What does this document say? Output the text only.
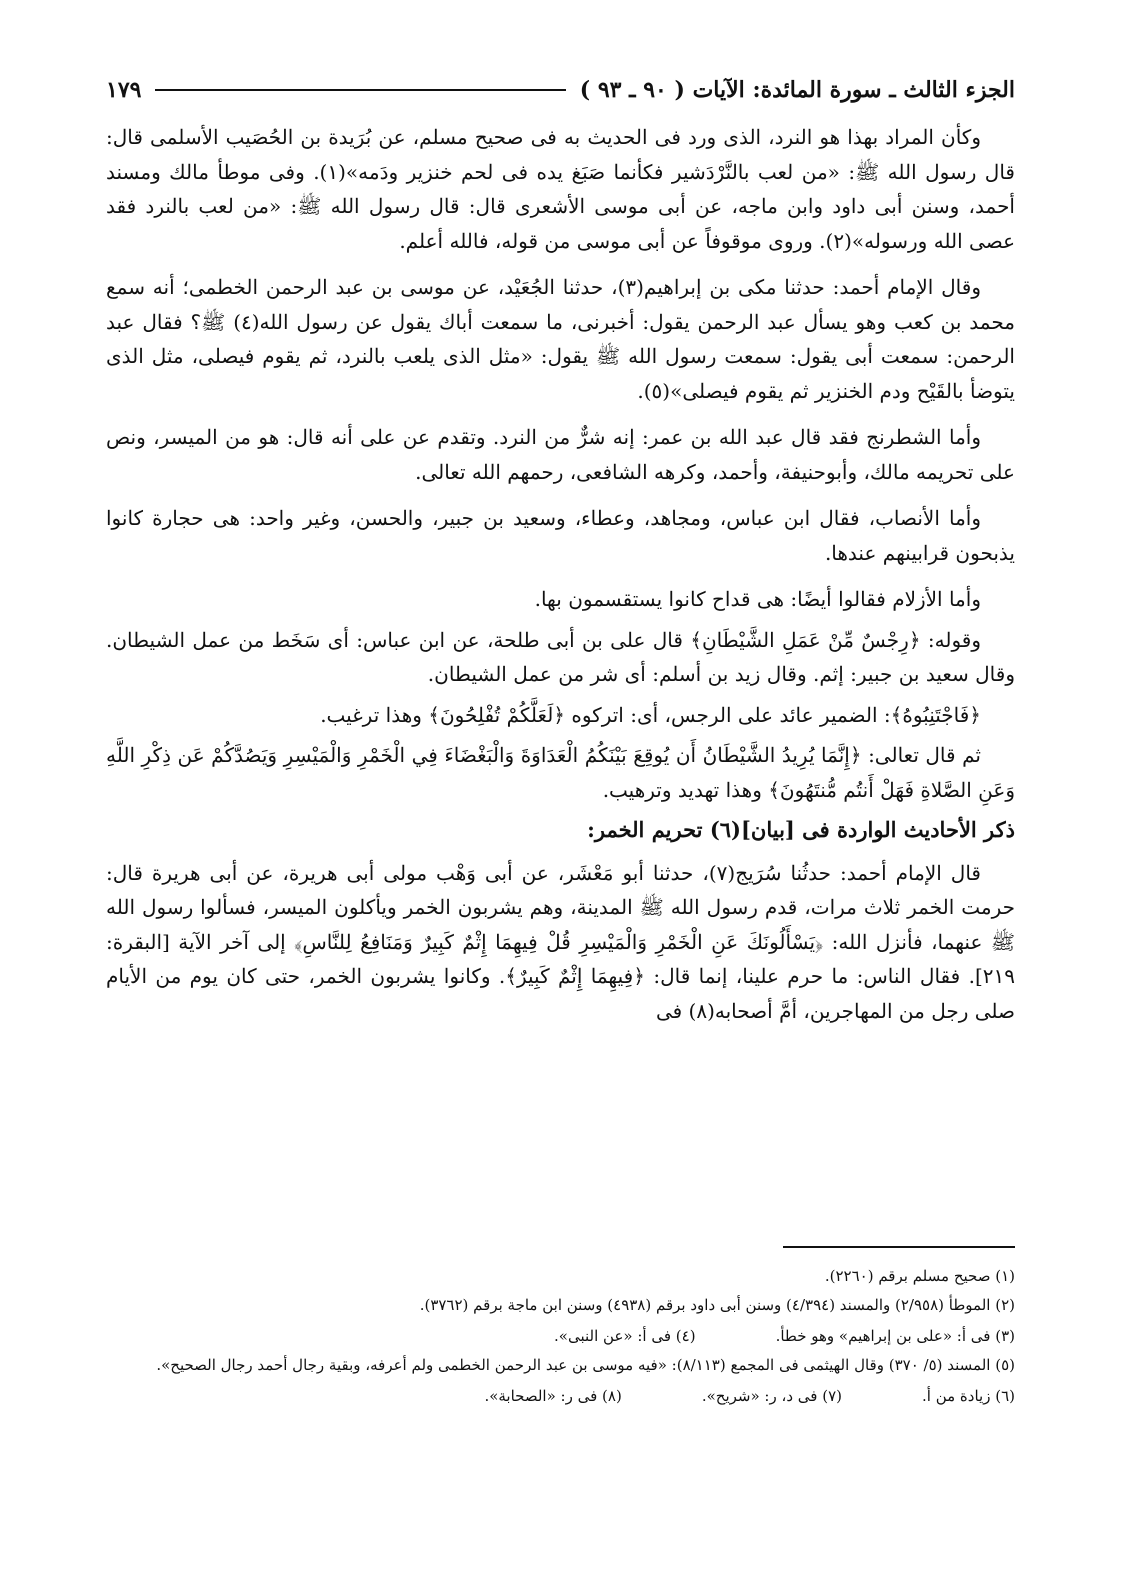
الجزء الثالث ـ سورة المائدة: الآيات ( ٩٠ ـ ٩٣ )
١٧٩

وكأن المراد بهذا هو النرد، الذى ورد فى الحديث به فى صحيح مسلم، عن بُرَيدة بن الحُصَيب الأسلمى قال: قال رسول الله ﷺ: «من لعب بالنَّرْدَشير فكأنما صَبَغ يده فى لحم خنزير ودَمه»(١). وفى موطأ مالك ومسند أحمد، وسنن أبى داود وابن ماجه، عن أبى موسى الأشعرى قال: قال رسول الله ﷺ: «من لعب بالنرد فقد عصى الله ورسوله»(٢). وروى موقوفاً عن أبى موسى من قوله، فالله أعلم.

وقال الإمام أحمد: حدثنا مكى بن إبراهيم(٣)، حدثنا الجُعَيْد، عن موسى بن عبد الرحمن الخطمى؛ أنه سمع محمد بن كعب وهو يسأل عبد الرحمن يقول: أخبرنى، ما سمعت أباك يقول عن رسول الله(٤) ﷺ؟ فقال عبد الرحمن: سمعت أبى يقول: سمعت رسول الله ﷺ يقول: «مثل الذى يلعب بالنرد، ثم يقوم فيصلى، مثل الذى يتوضأ بالقَيْح ودم الخنزير ثم يقوم فيصلى»(٥).

وأما الشطرنج فقد قال عبد الله بن عمر: إنه شرٌّ من النرد. وتقدم عن على أنه قال: هو من الميسر، ونص على تحريمه مالك، وأبوحنيفة، وأحمد، وكرهه الشافعى، رحمهم الله تعالى.

وأما الأنصاب، فقال ابن عباس، ومجاهد، وعطاء، وسعيد بن جبير، والحسن، وغير واحد: هى حجارة كانوا يذبحون قرابينهم عندها.

وأما الأزلام فقالوا أيضًا: هى قداح كانوا يستقسمون بها.

وقوله: ﴿رِجْسٌ مِّنْ عَمَلِ الشَّيْطَانِ﴾ قال على بن أبى طلحة، عن ابن عباس: أى سَخَط من عمل الشيطان. وقال سعيد بن جبير: إثم. وقال زيد بن أسلم: أى شر من عمل الشيطان.

﴿فَاجْتَنِبُوهُ﴾: الضمير عائد على الرجس، أى: اتركوه ﴿لَعَلَّكُمْ تُفْلِحُونَ﴾ وهذا ترغيب.

ثم قال تعالى: ﴿إِنَّمَا يُرِيدُ الشَّيْطَانُ أَن يُوقِعَ بَيْنَكُمُ الْعَدَاوَةَ وَالْبَغْضَاءَ فِي الْخَمْرِ وَالْمَيْسِرِ وَيَصُدَّكُمْ عَن ذِكْرِ اللَّهِ وَعَنِ الصَّلاةِ فَهَلْ أَنتُم مُّنتَهُونَ﴾ وهذا تهديد وترهيب.

ذكر الأحاديث الواردة فى [بيان](٦) تحريم الخمر:

قال الإمام أحمد: حدثُنا سُرَيج(٧)، حدثنا أبو مَعْشَر، عن أبى وَهْب مولى أبى هريرة، عن أبى هريرة قال: حرمت الخمر ثلاث مرات، قدم رسول الله ﷺ المدينة، وهم يشربون الخمر ويأكلون الميسر، فسألوا رسول الله ﷺ عنهما، فأنزل الله: ﴿يَسْأَلُونَكَ عَنِ الْخَمْرِ وَالْمَيْسِرِ قُلْ فِيهِمَا إِثْمٌ كَبِيرٌ وَمَنَافِعُ لِلنَّاسِ﴾ إلى آخر الآية [البقرة: ٢١٩]. فقال الناس: ما حرم علينا، إنما قال: ﴿فِيهِمَا إِثْمٌ كَبِيرٌ﴾. وكانوا يشربون الخمر، حتى كان يوم من الأيام صلى رجل من المهاجرين، أمَّ أصحابه(٨) فى

(١) صحيح مسلم برقم (٢٢٦٠).

(٢) الموطأ (٢/٩٥٨) والمسند (٤/٣٩٤) وسنن أبى داود برقم (٤٩٣٨) وسنن ابن ماجة برقم (٣٧٦٢).

(٣) فى أ: «على بن إبراهيم» وهو خطأ.
(٤) فى أ: «عن النبى».

(٥) المسند (٥/ ٣٧٠) وقال الهيثمى فى المجمع (٨/١١٣): «فيه موسى بن عبد الرحمن الخطمى ولم أعرفه، وبقية رجال أحمد رجال الصحيح».

(٦) زيادة من أ.
(٧) فى د، ر: «شريح».
(٨) فى ر: «الصحابة».
